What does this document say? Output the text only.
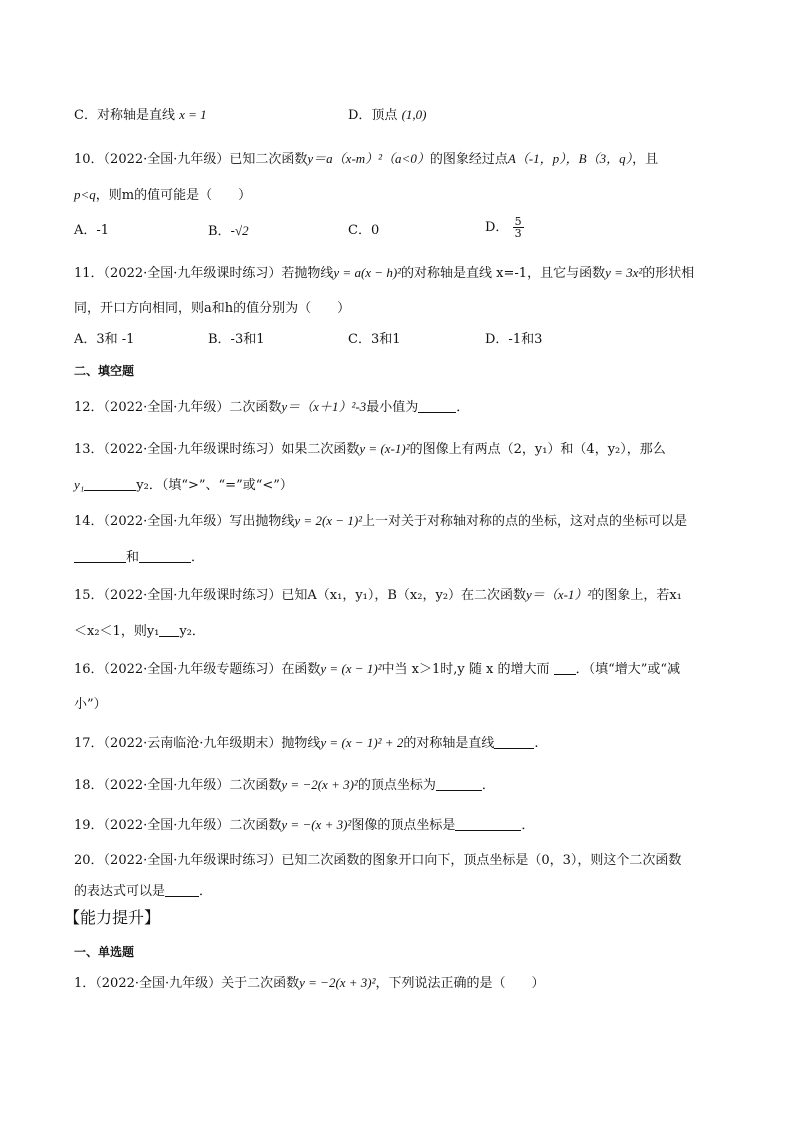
C．对称轴是直线 x = 1	D．顶点 (1,0)
10．（2022·全国·九年级）已知二次函数y＝a（x-m）²（a<0）的图象经过点A（-1，p），B（3，q），且
p<q，则m的值可能是（　　）
A．-1	B．-√2	C．0	D． $\frac{5}{3}$
11．（2022·全国·九年级课时练习）若抛物线y = a(x − h)²的对称轴是直线 x=-1，且它与函数y = 3x²的形状相
同，开口方向相同，则a和h的值分别为（　　）
A．3和 -1	B．-3和1	C．3和1	D．-1和3
二、填空题
12．（2022·全国·九年级）二次函数y＝（x＋1）²-3最小值为	．
13．（2022·全国·九年级课时练习）如果二次函数y = (x-1)²的图像上有两点（2，y₁）和（4，y₂），那么
y₁	y₂．（填“>”、“=”或“<”）
14．（2022·全国·九年级）写出抛物线y = 2(x − 1)²上一对关于对称轴对称的点的坐标，这对点的坐标可以是
和	．
15．（2022·全国·九年级课时练习）已知A（x₁，y₁），B（x₂，y₂）在二次函数y＝（x-1）²的图象上，若x₁
＜x₂＜1，则y₁ y₂．
16．（2022·全国·九年级专题练习）在函数y = (x − 1)²中当 x＞1时,y 随 x 的增大而 ．（填“增大”或“减
小”）
17．（2022·云南临沧·九年级期末）抛物线y = (x − 1)² + 2的对称轴是直线	.
18．（2022·全国·九年级）二次函数y = −2(x + 3)²的顶点坐标为	．
19．（2022·全国·九年级）二次函数y = −(x + 3)²图像的顶点坐标是	．
20．（2022·全国·九年级课时练习）已知二次函数的图象开口向下，顶点坐标是（0，3），则这个二次函数
的表达式可以是	．
【能力提升】
一、单选题
1．（2022·全国·九年级）关于二次函数y = −2(x + 3)²，下列说法正确的是（　　）
